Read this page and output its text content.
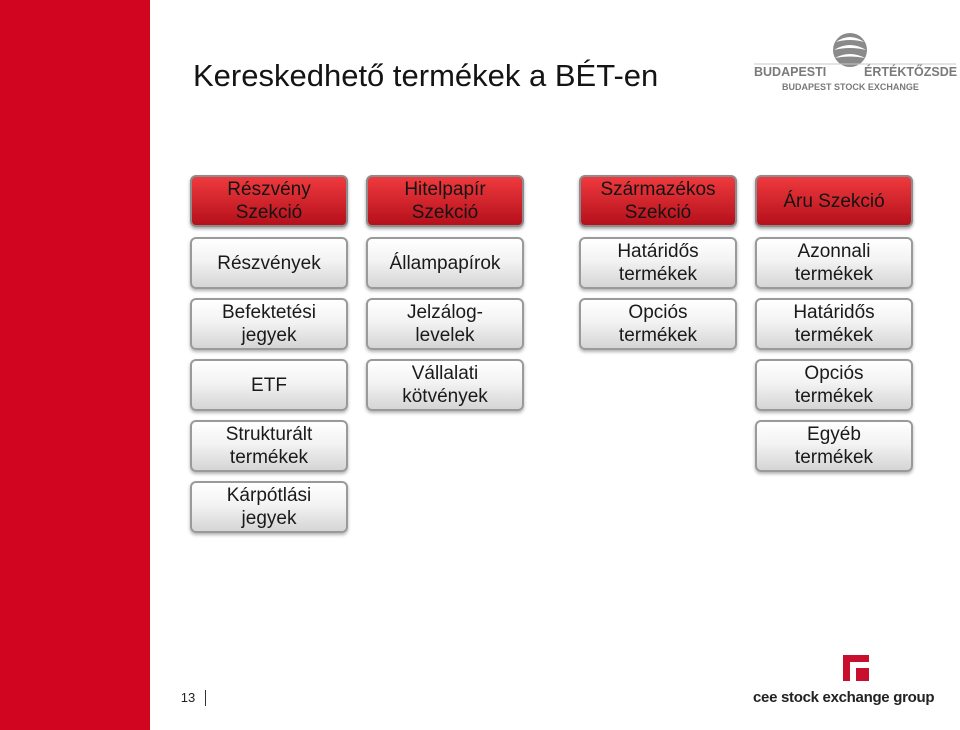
Kereskedhető termékek a BÉT-en	BUDAPESTI	ÉRTÉKTŐZSDE
BUDAPEST STOCK EXCHANGE
Részvény
Szekció
Részvények
Befektetési
jegyek
ETF
Strukturált
termékek
Kárpótlási
jegyek
Hitelpapír
Szekció
Állampapírok
Jelzálog-
levelek
Vállalati
kötvények
Származékos
Szekció
Határidős
termékek
Opciós
termékek
Áru Szekció
Azonnali
termékek
Határidős
termékek
Opciós
termékek
Egyéb
termékek
13	cee stock exchange group
